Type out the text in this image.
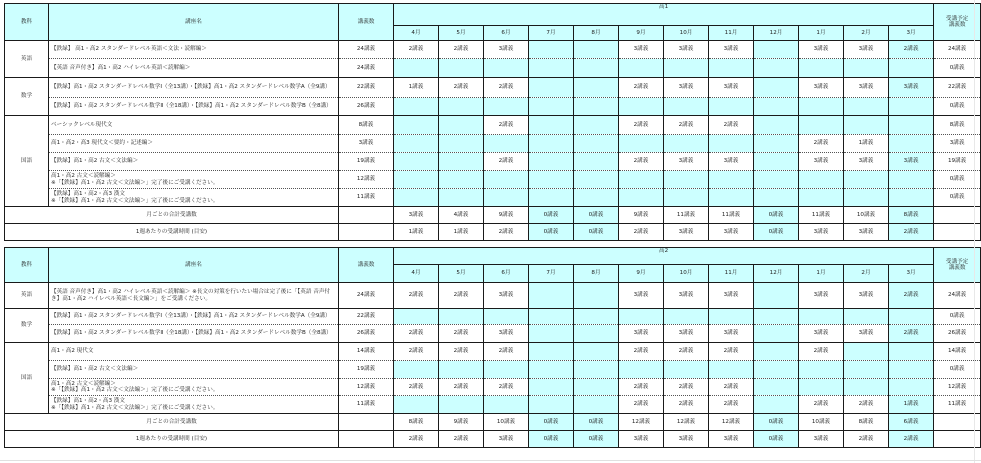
教科	講座名	講義数	高1												受講予定
講義数

			4月	5月	6月	7月	8月	9月	10月	11月	12月	1月	2月	3月	
英語	【鉄緑】 高1・高2 スタンダードレベル英語＜文法・読解編＞	24講義	2講義	2講義	3講義			3講義	3講義	3講義		3講義	3講義	2講義	24講義
	【英語 音声付き】高1・高2 ハイレベル英語＜読解編＞	24講義													0講義
数学	【鉄緑】高1・高2 スタンダードレベル数学Ⅰ（全13講）・【鉄緑】高1・高2 スタンダードレベル数学A（全9講）	22講義	1講義	2講義	2講義			2講義	3講義	3講義		3講義	3講義	3講義	22講義
	【鉄緑】高1・高2 スタンダードレベル数学Ⅱ（全18講）・【鉄緑】高1・高2 スタンダードレベル数学B（全8講）	26講義													0講義
国語	ベーシックレベル現代文	8講義			2講義			2講義	2講義	2講義					8講義
	高1・高2・高3 現代文＜要約・記述編＞	3講義										2講義	1講義		3講義
	【鉄緑】高1・高2 古文＜文法編＞	19講義			2講義			2講義	3講義	3講義		3講義	3講義	3講義	19講義

	高1・高2 古文＜読解編＞
※「【鉄緑】高1・高2 古文＜文法編＞」完了後にご受講ください。	12講義													0講義

	【鉄緑】高1・高2・高3 漢文
※「【鉄緑】高1・高2 古文＜文法編＞」完了後にご受講ください。	11講義													0講義
月ごとの合計受講数			3講義	4講義	9講義	0講義	0講義	9講義	11講義	11講義	0講義	11講義	10講義	8講義	
1週あたりの受講時間 (目安)			1講義	1講義	2講義	0講義	0講義	2講義	3講義	3講義	0講義	3講義	3講義	2講義	
教科	講座名	講義数	高2												受講予定
講義数

			4月	5月	6月	7月	8月	9月	10月	11月	12月	1月	2月	3月	
英語	【英語 音声付き】高1・高2 ハイレベル英語＜読解編＞ ※長文の対策を行いたい場合は完了後に「【英語 音声付き】高1・高2 ハイレベル英語＜長文編＞」をご受講ください。	24講義	2講義	2講義	3講義			3講義	3講義	3講義		3講義	3講義	2講義	24講義
数学	【鉄緑】高1・高2 スタンダードレベル数学Ⅰ（全13講）・【鉄緑】高1・高2 スタンダードレベル数学A（全9講）	22講義													0講義
	【鉄緑】高1・高2 スタンダードレベル数学Ⅱ（全18講）・【鉄緑】高1・高2 スタンダードレベル数学B（全8講）	26講義	2講義	2講義	3講義			3講義	3講義	3講義		3講義	3講義	2講義	26講義
国語	高1・高2 現代文	14講義	2講義	2講義	2講義			2講義	2講義	2講義		2講義			14講義
	【鉄緑】高1・高2 古文＜文法編＞	19講義													0講義

	高1・高2 古文＜読解編＞
※「【鉄緑】高1・高2 古文＜文法編＞」完了後にご受講ください。	12講義	2講義	2講義	2講義			2講義	2講義	2講義					12講義

	【鉄緑】高1・高2・高3 漢文
※「【鉄緑】高1・高2 古文＜文法編＞」完了後にご受講ください。	11講義						2講義	2講義	2講義		2講義	2講義	1講義	11講義
月ごとの合計受講数			8講義	9講義	10講義	0講義	0講義	12講義	12講義	12講義	0講義	10講義	8講義	6講義	
1週あたりの受講時間 (目安)			2講義	2講義	3講義	0講義	0講義	3講義	3講義	3講義	0講義	3講義	2講義	2講義	
